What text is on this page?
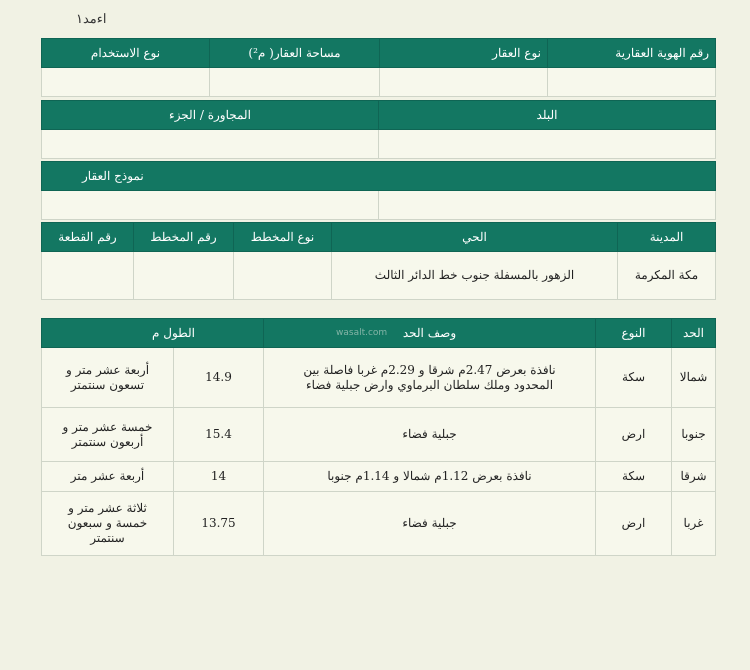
اءمد١
رقم الهوية العقارية	نوع العقار	مساحة العقار( م²)	نوع الاستخدام

البلد	المجاورة / الجزء

نموذج العقار

المدينة	الحي	نوع المخطط	رقم المخطط	رقم القطعة
مكة المكرمة	الزهور بالمسفلة جنوب خط الدائر الثالث			
الحد	النوع	وصف الحد	الطول م	
شمالا	سكة	نافذة بعرض 2.47م شرقا و 2.29م غربا فاصلة بين المحدود وملك سلطان البرماوي وارض جبلية فضاء	14.9	أربعة عشر متر و تسعون سنتمتر
جنوبا	ارض	جبلية فضاء	15.4	خمسة عشر متر و أربعون سنتمتر
شرقا	سكة	نافذة بعرض 1.12م شمالا و 1.14م جنوبا	14	أربعة عشر متر
غربا	ارض	جبلية فضاء	13.75	ثلاثة عشر متر و خمسة و سبعون سنتمتر
wasalt.com
